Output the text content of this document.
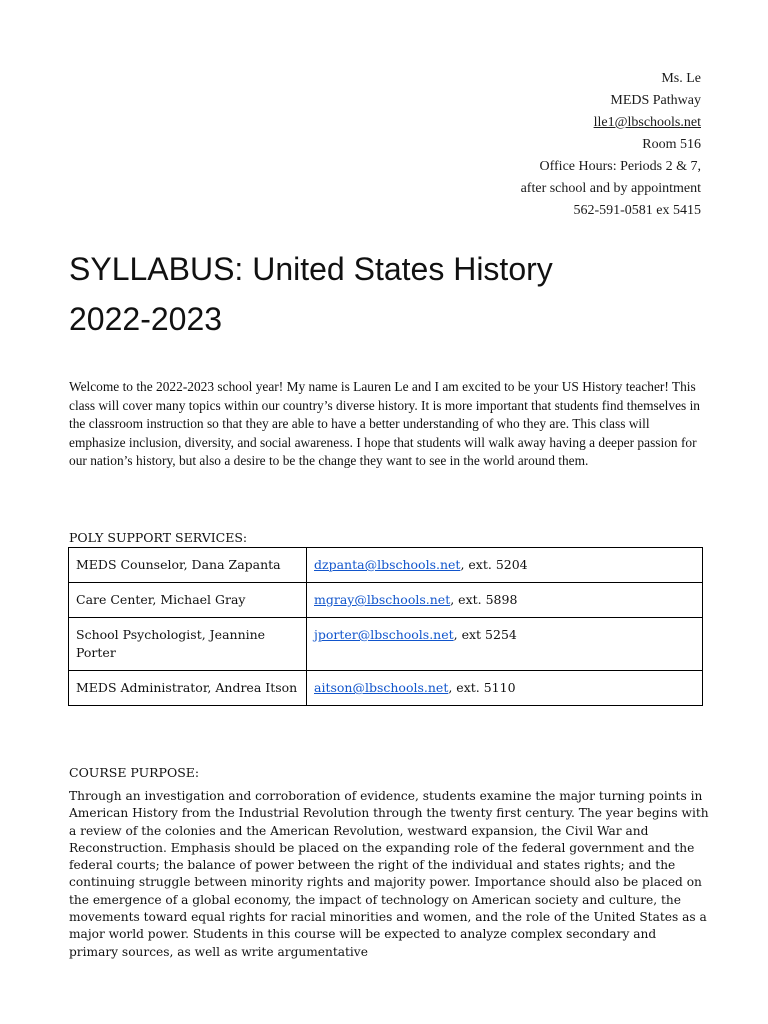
Ms. Le
MEDS Pathway
lle1@lbschools.net
Room 516
Office Hours: Periods 2 & 7,
after school and by appointment
562-591-0581 ex 5415
SYLLABUS: United States History
2022-2023

Welcome to the 2022-2023 school year! My name is Lauren Le and I am excited to be your US History teacher! This class will cover many topics within our country’s diverse history. It is more important that students find themselves in the classroom instruction so that they are able to have a better understanding of who they are. This class will emphasize inclusion, diversity, and social awareness. I hope that students will walk away having a deeper passion for our nation’s history, but also a desire to be the change they want to see in the world around them.

POLY SUPPORT SERVICES:

MEDS Counselor, Dana Zapanta	dzpanta@lbschools.net, ext. 5204
Care Center, Michael Gray	mgray@lbschools.net, ext. 5898
School Psychologist, Jeannine Porter	jporter@lbschools.net, ext 5254
MEDS Administrator, Andrea Itson	aitson@lbschools.net, ext. 5110

COURSE PURPOSE:

Through an investigation and corroboration of evidence, students examine the major turning points in American History from the Industrial Revolution through the twenty first century. The year begins with a review of the colonies and the American Revolution, westward expansion, the Civil War and Reconstruction. Emphasis should be placed on the expanding role of the federal government and the federal courts; the balance of power between the right of the individual and states rights; and the continuing struggle between minority rights and majority power. Importance should also be placed on the emergence of a global economy, the impact of technology on American society and culture, the movements toward equal rights for racial minorities and women, and the role of the United States as a major world power. Students in this course will be expected to analyze complex secondary and primary sources, as well as write argumentative
